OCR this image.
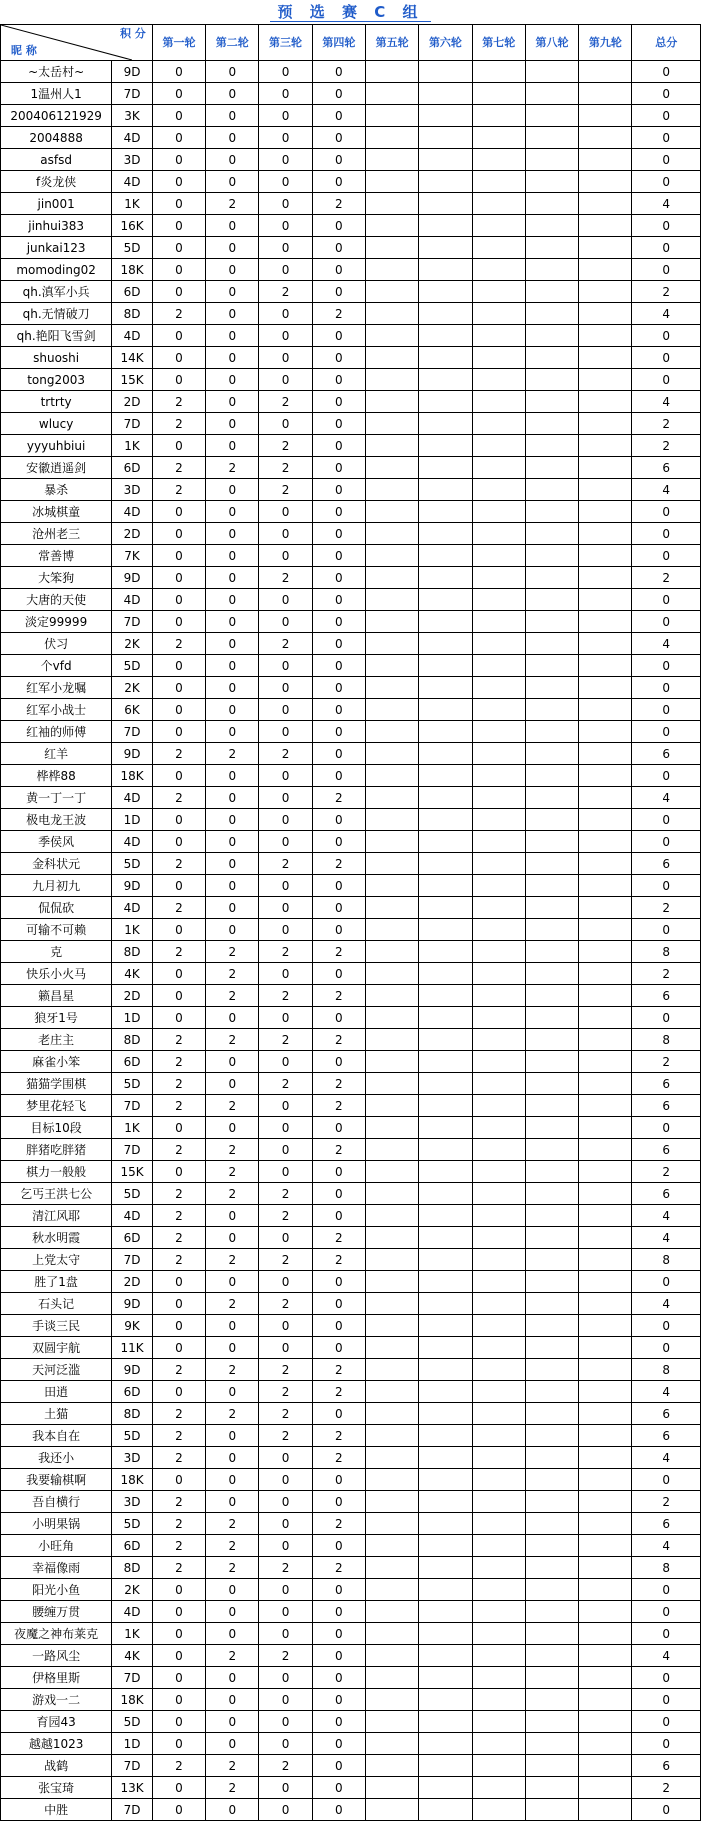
预 选 赛 C 组
积 分
昵 称		第一轮	第二轮	第三轮	第四轮	第五轮	第六轮	第七轮	第八轮	第九轮	总分
~太岳村~	9D	0	0	0	0						0
1温州人1	7D	0	0	0	0						0
200406121929	3K	0	0	0	0						0
2004888	4D	0	0	0	0						0
asfsd	3D	0	0	0	0						0
f炎龙侠	4D	0	0	0	0						0
jin001	1K	0	2	0	2						4
jinhui383	16K	0	0	0	0						0
junkai123	5D	0	0	0	0						0
momoding02	18K	0	0	0	0						0
qh.滇军小兵	6D	0	0	2	0						2
qh.无情破刀	8D	2	0	0	2						4
qh.艳阳飞雪剑	4D	0	0	0	0						0
shuoshi	14K	0	0	0	0						0
tong2003	15K	0	0	0	0						0
trtrty	2D	2	0	2	0						4
wlucy	7D	2	0	0	0						2
yyyuhbiui	1K	0	0	2	0						2
安徽逍遥剑	6D	2	2	2	0						6
暴杀	3D	2	0	2	0						4
冰城棋童	4D	0	0	0	0						0
沧州老三	2D	0	0	0	0						0
常善博	7K	0	0	0	0						0
大笨狗	9D	0	0	2	0						2
大唐的天使	4D	0	0	0	0						0
淡定99999	7D	0	0	0	0						0
伏习	2K	2	0	2	0						4
个vfd	5D	0	0	0	0						0
红军小龙嘱	2K	0	0	0	0						0
红军小战士	6K	0	0	0	0						0
红袖的师傅	7D	0	0	0	0						0
红羊	9D	2	2	2	0						6
桦桦88	18K	0	0	0	0						0
黄一丁一丁	4D	2	0	0	2						4
极电龙王波	1D	0	0	0	0						0
季侯风	4D	0	0	0	0						0
金科状元	5D	2	0	2	2						6
九月初九	9D	0	0	0	0						0
侃侃砍	4D	2	0	0	0						2
可输不可赖	1K	0	0	0	0						0
克	8D	2	2	2	2						8
快乐小火马	4K	0	2	0	0						2
籁昌星	2D	0	2	2	2						6
狼牙1号	1D	0	0	0	0						0
老庄主	8D	2	2	2	2						8
麻雀小笨	6D	2	0	0	0						2
猫猫学围棋	5D	2	0	2	2						6
梦里花轻飞	7D	2	2	0	2						6
目标10段	1K	0	0	0	0						0
胖猪吃胖猪	7D	2	2	0	2						6
棋力一般般	15K	0	2	0	0						2
乞丐王洪七公	5D	2	2	2	0						6
清江风耶	4D	2	0	2	0						4
秋水明霞	6D	2	0	0	2						4
上党太守	7D	2	2	2	2						8
胜了1盘	2D	0	0	0	0						0
石头记	9D	0	2	2	0						4
手谈三民	9K	0	0	0	0						0
双圆宇航	11K	0	0	0	0						0
天河泛滥	9D	2	2	2	2						8
田逍	6D	0	0	2	2						4
土猫	8D	2	2	2	0						6
我本自在	5D	2	0	2	2						6
我还小	3D	2	0	0	2						4
我要输棋啊	18K	0	0	0	0						0
吾自横行	3D	2	0	0	0						2
小明果锅	5D	2	2	0	2						6
小旺角	6D	2	2	0	0						4
幸福像雨	8D	2	2	2	2						8
阳光小鱼	2K	0	0	0	0						0
腰缠万贯	4D	0	0	0	0						0
夜魔之神布莱克	1K	0	0	0	0						0
一路风尘	4K	0	2	2	0						4
伊格里斯	7D	0	0	0	0						0
游戏一二	18K	0	0	0	0						0
育园43	5D	0	0	0	0						0
越越1023	1D	0	0	0	0						0
战鹤	7D	2	2	2	0						6
张宝琦	13K	0	2	0	0						2
中胜	7D	0	0	0	0						0
